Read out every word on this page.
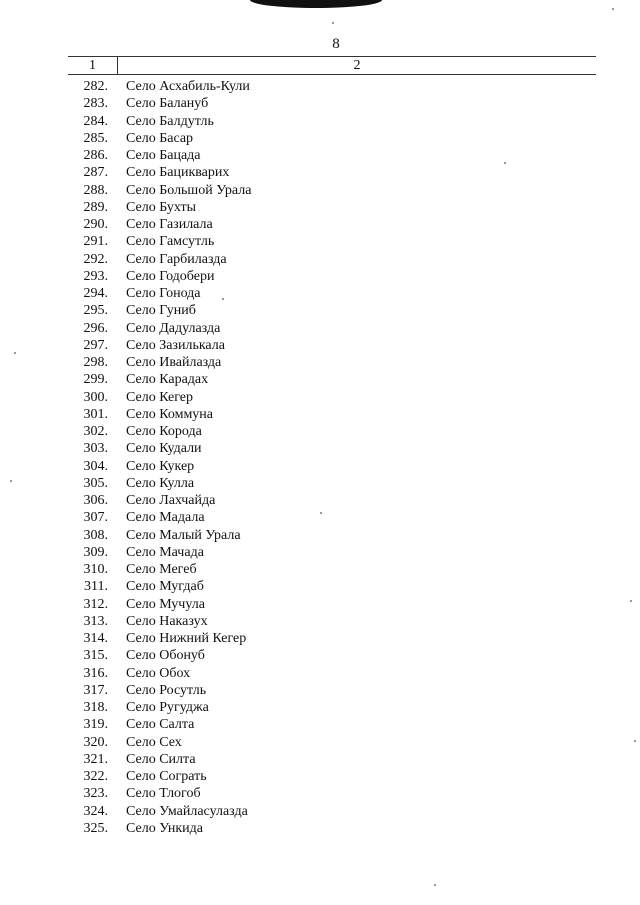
8
1	2
282. Село Асхабиль-Кули
283. Село Балануб
284. Село Балдутль
285. Село Басар
286. Село Бацада
287. Село Бацикварих
288. Село Большой Урала
289. Село Бухты
290. Село Газилала
291. Село Гамсутль
292. Село Гарбилазда
293. Село Годобери
294. Село Гонода
295. Село Гуниб
296. Село Дадулазда
297. Село Зазилькала
298. Село Ивайлазда
299. Село Карадах
300. Село Кегер
301. Село Коммуна
302. Село Корода
303. Село Кудали
304. Село Кукер
305. Село Кулла
306. Село Лахчайда
307. Село Мадала
308. Село Малый Урала
309. Село Мачада
310. Село Мегеб
311. Село Мугдаб
312. Село Мучула
313. Село Наказух
314. Село Нижний Кегер
315. Село Обонуб
316. Село Обох
317. Село Росутль
318. Село Ругуджа
319. Село Салта
320. Село Сех
321. Село Силта
322. Село Сограть
323. Село Тлогоб
324. Село Умайласулазда
325. Село Ункида
